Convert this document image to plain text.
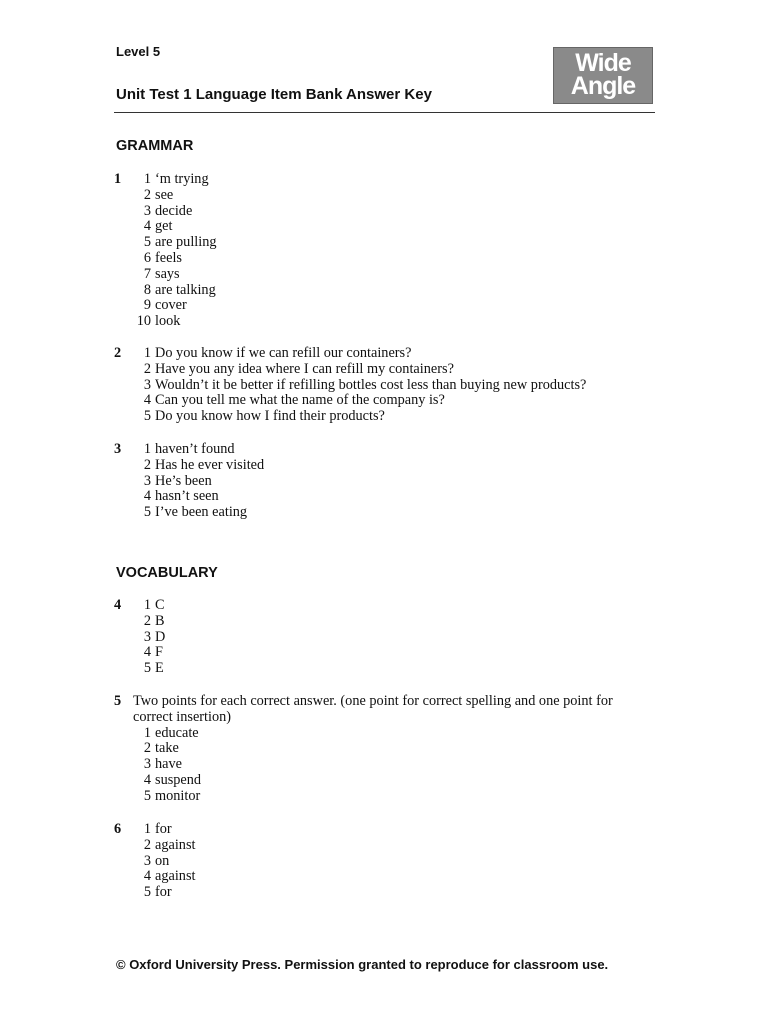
Level 5
Unit Test 1 Language Item Bank Answer Key
Wide
Angle
GRAMMAR
VOCABULARY
1	1 ‘m trying
2 see
3 decide
4 get
5 are pulling
6 feels
7 says
8 are talking
9 cover
10 look
2	1 Do you know if we can refill our containers?
2 Have you any idea where I can refill my containers?
3 Wouldn’t it be better if refilling bottles cost less than buying new products?
4 Can you tell me what the name of the company is?
5 Do you know how I find their products?
3	1 haven’t found
2 Has he ever visited
3 He’s been
4 hasn’t seen
5 I’ve been eating
4	1 C
2 B
3 D
4 F
5 E
5 Two points for each correct answer. (one point for correct spelling and one point for correct insertion)
1 educate
2 take
3 have
4 suspend
5 monitor
6	1 for
2 against
3 on
4 against
5 for
© Oxford University Press. Permission granted to reproduce for classroom use.
